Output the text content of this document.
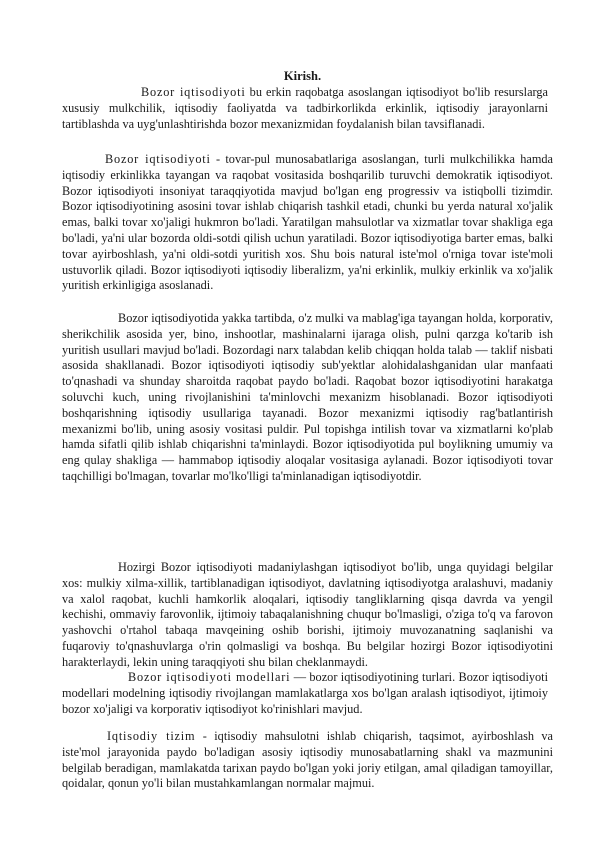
Kirish.

Bozor iqtisodiyoti bu erkin raqobatga asoslangan iqtisodiyot bo'lib resurslarga xususiy mulkchilik, iqtisodiy faoliyatda va tadbirkorlikda erkinlik, iqtisodiy jarayonlarni tartiblashda va uyg'unlashtirishda bozor mexanizmidan foydalanish bilan tavsiflanadi.

Bozor iqtisodiyoti - tovar-pul munosabatlariga asoslangan, turli mulkchilikka hamda iqtisodiy erkinlikka tayangan va raqobat vositasida boshqarilib turuvchi demokratik iqtisodiyot. Bozor iqtisodiyoti insoniyat taraqqiyotida mavjud bo'lgan eng progressiv va istiqbolli tizimdir. Bozor iqtisodiyotining asosini tovar ishlab chiqarish tashkil etadi, chunki bu yerda natural xo'jalik emas, balki tovar xo'jaligi hukmron bo'ladi. Yaratilgan mahsulotlar va xizmatlar tovar shakliga ega bo'ladi, ya'ni ular bozorda oldi-sotdi qilish uchun yaratiladi. Bozor iqtisodiyotiga barter emas, balki tovar ayirboshlash, ya'ni oldi-sotdi yuritish xos. Shu bois natural iste'mol o'rniga tovar iste'moli ustuvorlik qiladi. Bozor iqtisodiyoti iqtisodiy liberalizm, ya'ni erkinlik, mulkiy erkinlik va xo'jalik yuritish erkinligiga asoslanadi.

Bozor iqtisodiyotida yakka tartibda, o'z mulki va mablag'iga tayangan holda, korporativ, sherikchilik asosida yer, bino, inshootlar, mashinalarni ijaraga olish, pulni qarzga ko'tarib ish yuritish usullari mavjud bo'ladi. Bozordagi narx talabdan kelib chiqqan holda talab — taklif nisbati asosida shakllanadi. Bozor iqtisodiyoti iqtisodiy sub'yektlar alohidalashganidan ular manfaati to'qnashadi va shunday sharoitda raqobat paydo bo'ladi. Raqobat bozor iqtisodiyotini harakatga soluvchi kuch, uning rivojlanishini ta'minlovchi mexanizm hisoblanadi. Bozor iqtisodiyoti boshqarishning iqtisodiy usullariga tayanadi. Bozor mexanizmi iqtisodiy rag'batlantirish mexanizmi bo'lib, uning asosiy vositasi puldir. Pul topishga intilish tovar va xizmatlarni ko'plab hamda sifatli qilib ishlab chiqarishni ta'minlaydi. Bozor iqtisodiyotida pul boylikning umumiy va eng qulay shakliga — hammabop iqtisodiy aloqalar vositasiga aylanadi. Bozor iqtisodiyoti tovar taqchilligi bo'lmagan, tovarlar mo'lko'lligi ta'minlanadigan iqtisodiyotdir.

Hozirgi Bozor iqtisodiyoti madaniylashgan iqtisodiyot bo'lib, unga quyidagi belgilar xos: mulkiy xilma-xillik, tartiblanadigan iqtisodiyot, davlatning iqtisodiyotga aralashuvi, madaniy va xalol raqobat, kuchli hamkorlik aloqalari, iqtisodiy tangliklarning qisqa davrda va yengil kechishi, ommaviy farovonlik, ijtimoiy tabaqalanishning chuqur bo'lmasligi, o'ziga to'q va farovon yashovchi o'rtahol tabaqa mavqeining oshib borishi, ijtimoiy muvozanatning saqlanishi va fuqaroviy to'qnashuvlarga o'rin qolmasligi va boshqa. Bu belgilar hozirgi Bozor iqtisodiyotini harakterlaydi, lekin uning taraqqiyoti shu bilan cheklanmaydi.

Bozor iqtisodiyoti modellari — bozor iqtisodiyotining turlari. Bozor iqtisodiyoti modellari modelning iqtisodiy rivojlangan mamlakatlarga xos bo'lgan aralash iqtisodiyot, ijtimoiy bozor xo'jaligi va korporativ iqtisodiyot ko'rinishlari mavjud.

Iqtisodiy tizim - iqtisodiy mahsulotni ishlab chiqarish, taqsimot, ayirboshlash va iste'mol jarayonida paydo bo'ladigan asosiy iqtisodiy munosabatlarning shakl va mazmunini belgilab beradigan, mamlakatda tarixan paydo bo'lgan yoki joriy etilgan, amal qiladigan tamoyillar, qoidalar, qonun yo'li bilan mustahkamlangan normalar majmui.
